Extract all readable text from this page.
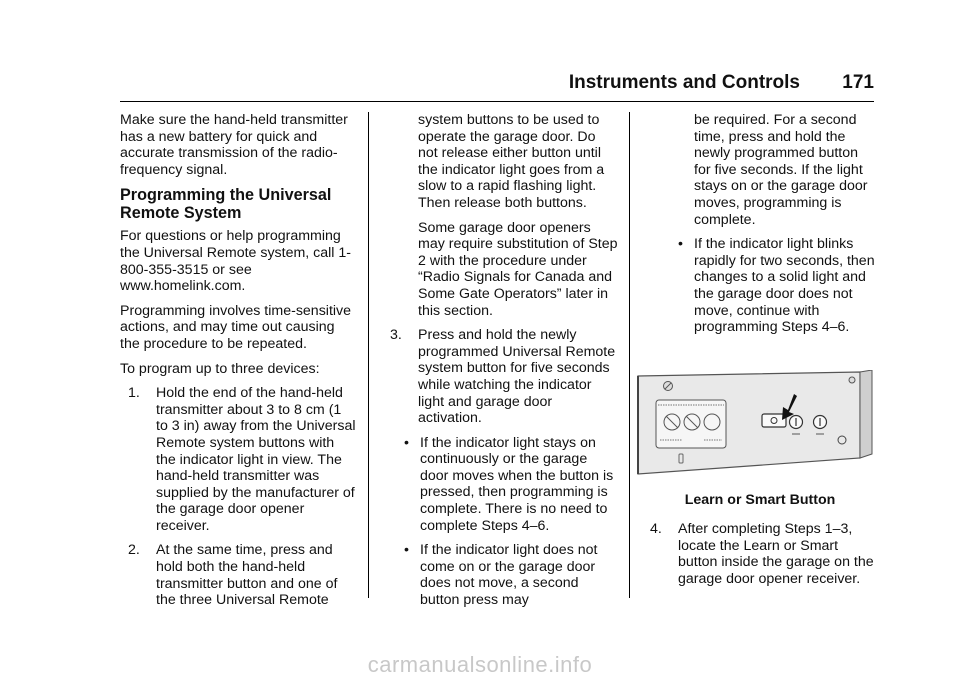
Instruments and Controls 171

Make sure the hand-held transmitter has a new battery for quick and accurate transmission of the radio-frequency signal.

Programming the Universal
Remote System

For questions or help programming the Universal Remote system, call 1-800-355-3515 or see www.homelink.com.

Programming involves time-sensitive actions, and may time out causing the procedure to be repeated.

To program up to three devices:

1. Hold the end of the hand-held transmitter about 3 to 8 cm (1 to 3 in) away from the Universal Remote system buttons with the indicator light in view. The hand-held transmitter was supplied by the manufacturer of the garage door opener receiver.
2. At the same time, press and hold both the hand-held transmitter button and one of the three Universal Remote

system buttons to be used to operate the garage door. Do not release either button until the indicator light goes from a slow to a rapid flashing light. Then release both buttons.

Some garage door openers may require substitution of Step 2 with the procedure under “Radio Signals for Canada and Some Gate Operators” later in this section.

3. Press and hold the newly programmed Universal Remote system button for five seconds while watching the indicator light and garage door activation.
• If the indicator light stays on continuously or the garage door moves when the button is pressed, then programming is complete. There is no need to complete Steps 4–6.
• If the indicator light does not come on or the garage door does not move, a second button press may

be required. For a second time, press and hold the newly programmed button for five seconds. If the light stays on or the garage door moves, programming is complete.

• If the indicator light blinks rapidly for two seconds, then changes to a solid light and the garage door does not move, continue with programming Steps 4–6.
Learn or Smart Button
4. After completing Steps 1–3, locate the Learn or Smart button inside the garage on the garage door opener receiver.
carmanualsonline.info
